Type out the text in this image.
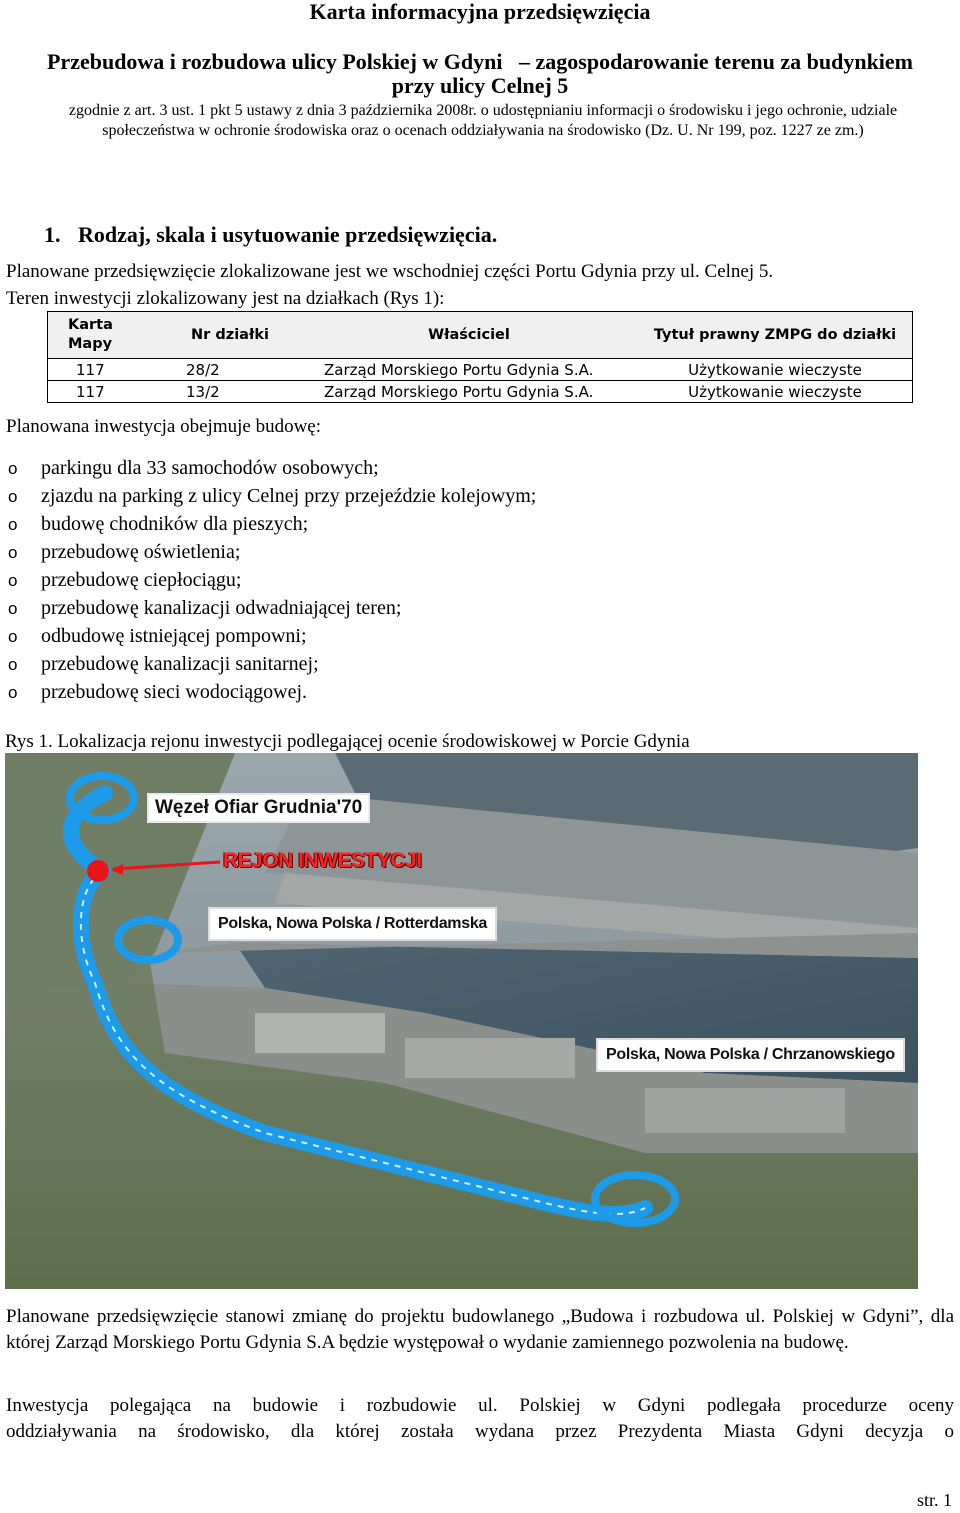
Karta informacyjna przedsięwzięcia
Przebudowa i rozbudowa ulicy Polskiej w Gdyni   – zagospodarowanie terenu za budynkiem
przy ulicy Celnej 5
zgodnie z art. 3 ust. 1 pkt 5 ustawy z dnia 3 października 2008r. o udostępnianiu informacji o środowisku i jego ochronie, udziale
społeczeństwa w ochronie środowiska oraz o ocenach oddziaływania na środowisko (Dz. U. Nr 199, poz. 1227 ze zm.)
1. Rodzaj, skala i usytuowanie przedsięwzięcia.
Planowane przedsięwzięcie zlokalizowane jest we wschodniej części Portu Gdynia przy ul. Celnej 5.
Teren inwestycji zlokalizowany jest na działkach (Rys 1):
Karta Mapy	Nr działki	Właściciel	Tytuł prawny ZMPG do działki
117	28/2	Zarząd Morskiego Portu Gdynia S.A.	Użytkowanie wieczyste
117	13/2	Zarząd Morskiego Portu Gdynia S.A.	Użytkowanie wieczyste
Planowana inwestycja obejmuje budowę:
o parkingu dla 33 samochodów osobowych;
o zjazdu na parking z ulicy Celnej przy przejeździe kolejowym;
o budowę chodników dla pieszych;
o przebudowę oświetlenia;
o przebudowę ciepłociągu;
o przebudowę kanalizacji odwadniającej teren;
o odbudowę istniejącej pompowni;
o przebudowę kanalizacji sanitarnej;
o przebudowę sieci wodociągowej.
Rys 1. Lokalizacja rejonu inwestycji podlegającej ocenie środowiskowej w Porcie Gdynia
Węzeł Ofiar Grudnia'70
REJON INWESTYCJI
Polska, Nowa Polska / Rotterdamska
Polska, Nowa Polska / Chrzanowskiego
Planowane przedsięwzięcie stanowi zmianę do projektu budowlanego „Budowa i rozbudowa ul. Polskiej w Gdyni”, dla której Zarząd Morskiego Portu Gdynia S.A będzie występował o wydanie zamiennego pozwolenia na budowę.
Inwestycja polegająca na budowie i rozbudowie ul. Polskiej w Gdyni podlegała procedurze oceny
oddziaływania na środowisko, dla której została wydana przez Prezydenta Miasta Gdyni decyzja o
str. 1
